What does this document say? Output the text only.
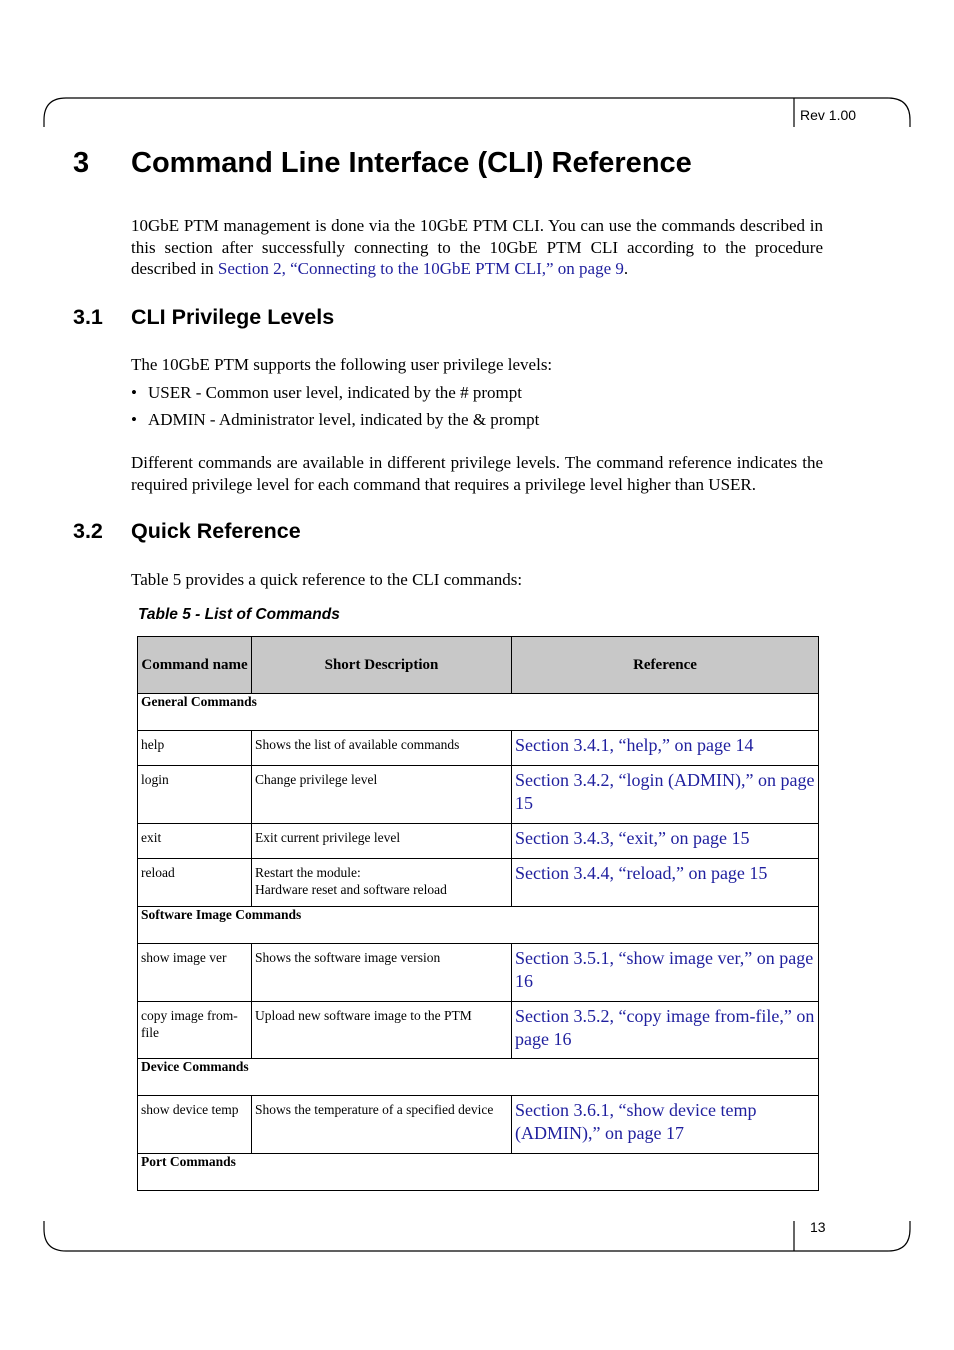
Rev 1.00
13
3 Command Line Interface (CLI) Reference
10GbE PTM management is done via the 10GbE PTM CLI. You can use the commands described in this section after successfully connecting to the 10GbE PTM CLI according to the procedure described in Section 2, “Connecting to the 10GbE PTM CLI,” on page 9.
3.1 CLI Privilege Levels
The 10GbE PTM supports the following user privilege levels:
• USER - Common user level, indicated by the # prompt
• ADMIN - Administrator level, indicated by the & prompt
Different commands are available in different privilege levels. The command reference indicates the required privilege level for each command that requires a privilege level higher than USER.
3.2 Quick Reference
Table 5 provides a quick reference to the CLI commands:
Table 5 - List of Commands
Command name	Short Description	Reference
General Commands		
help	Shows the list of available commands	Section 3.4.1, “help,” on page 14
login	Change privilege level	Section 3.4.2, “login (ADMIN),” on page 15
exit	Exit current privilege level	Section 3.4.3, “exit,” on page 15
reload	Restart the module:
Hardware reset and software reload	Section 3.4.4, “reload,” on page 15
Software Image Commands		
show image ver	Shows the software image version	Section 3.5.1, “show image ver,” on page 16
copy image from-file	Upload new software image to the PTM	Section 3.5.2, “copy image from-file,” on page 16
Device Commands		
show device temp	Shows the temperature of a specified device	Section 3.6.1, “show device temp (ADMIN),” on page 17
Port Commands		
